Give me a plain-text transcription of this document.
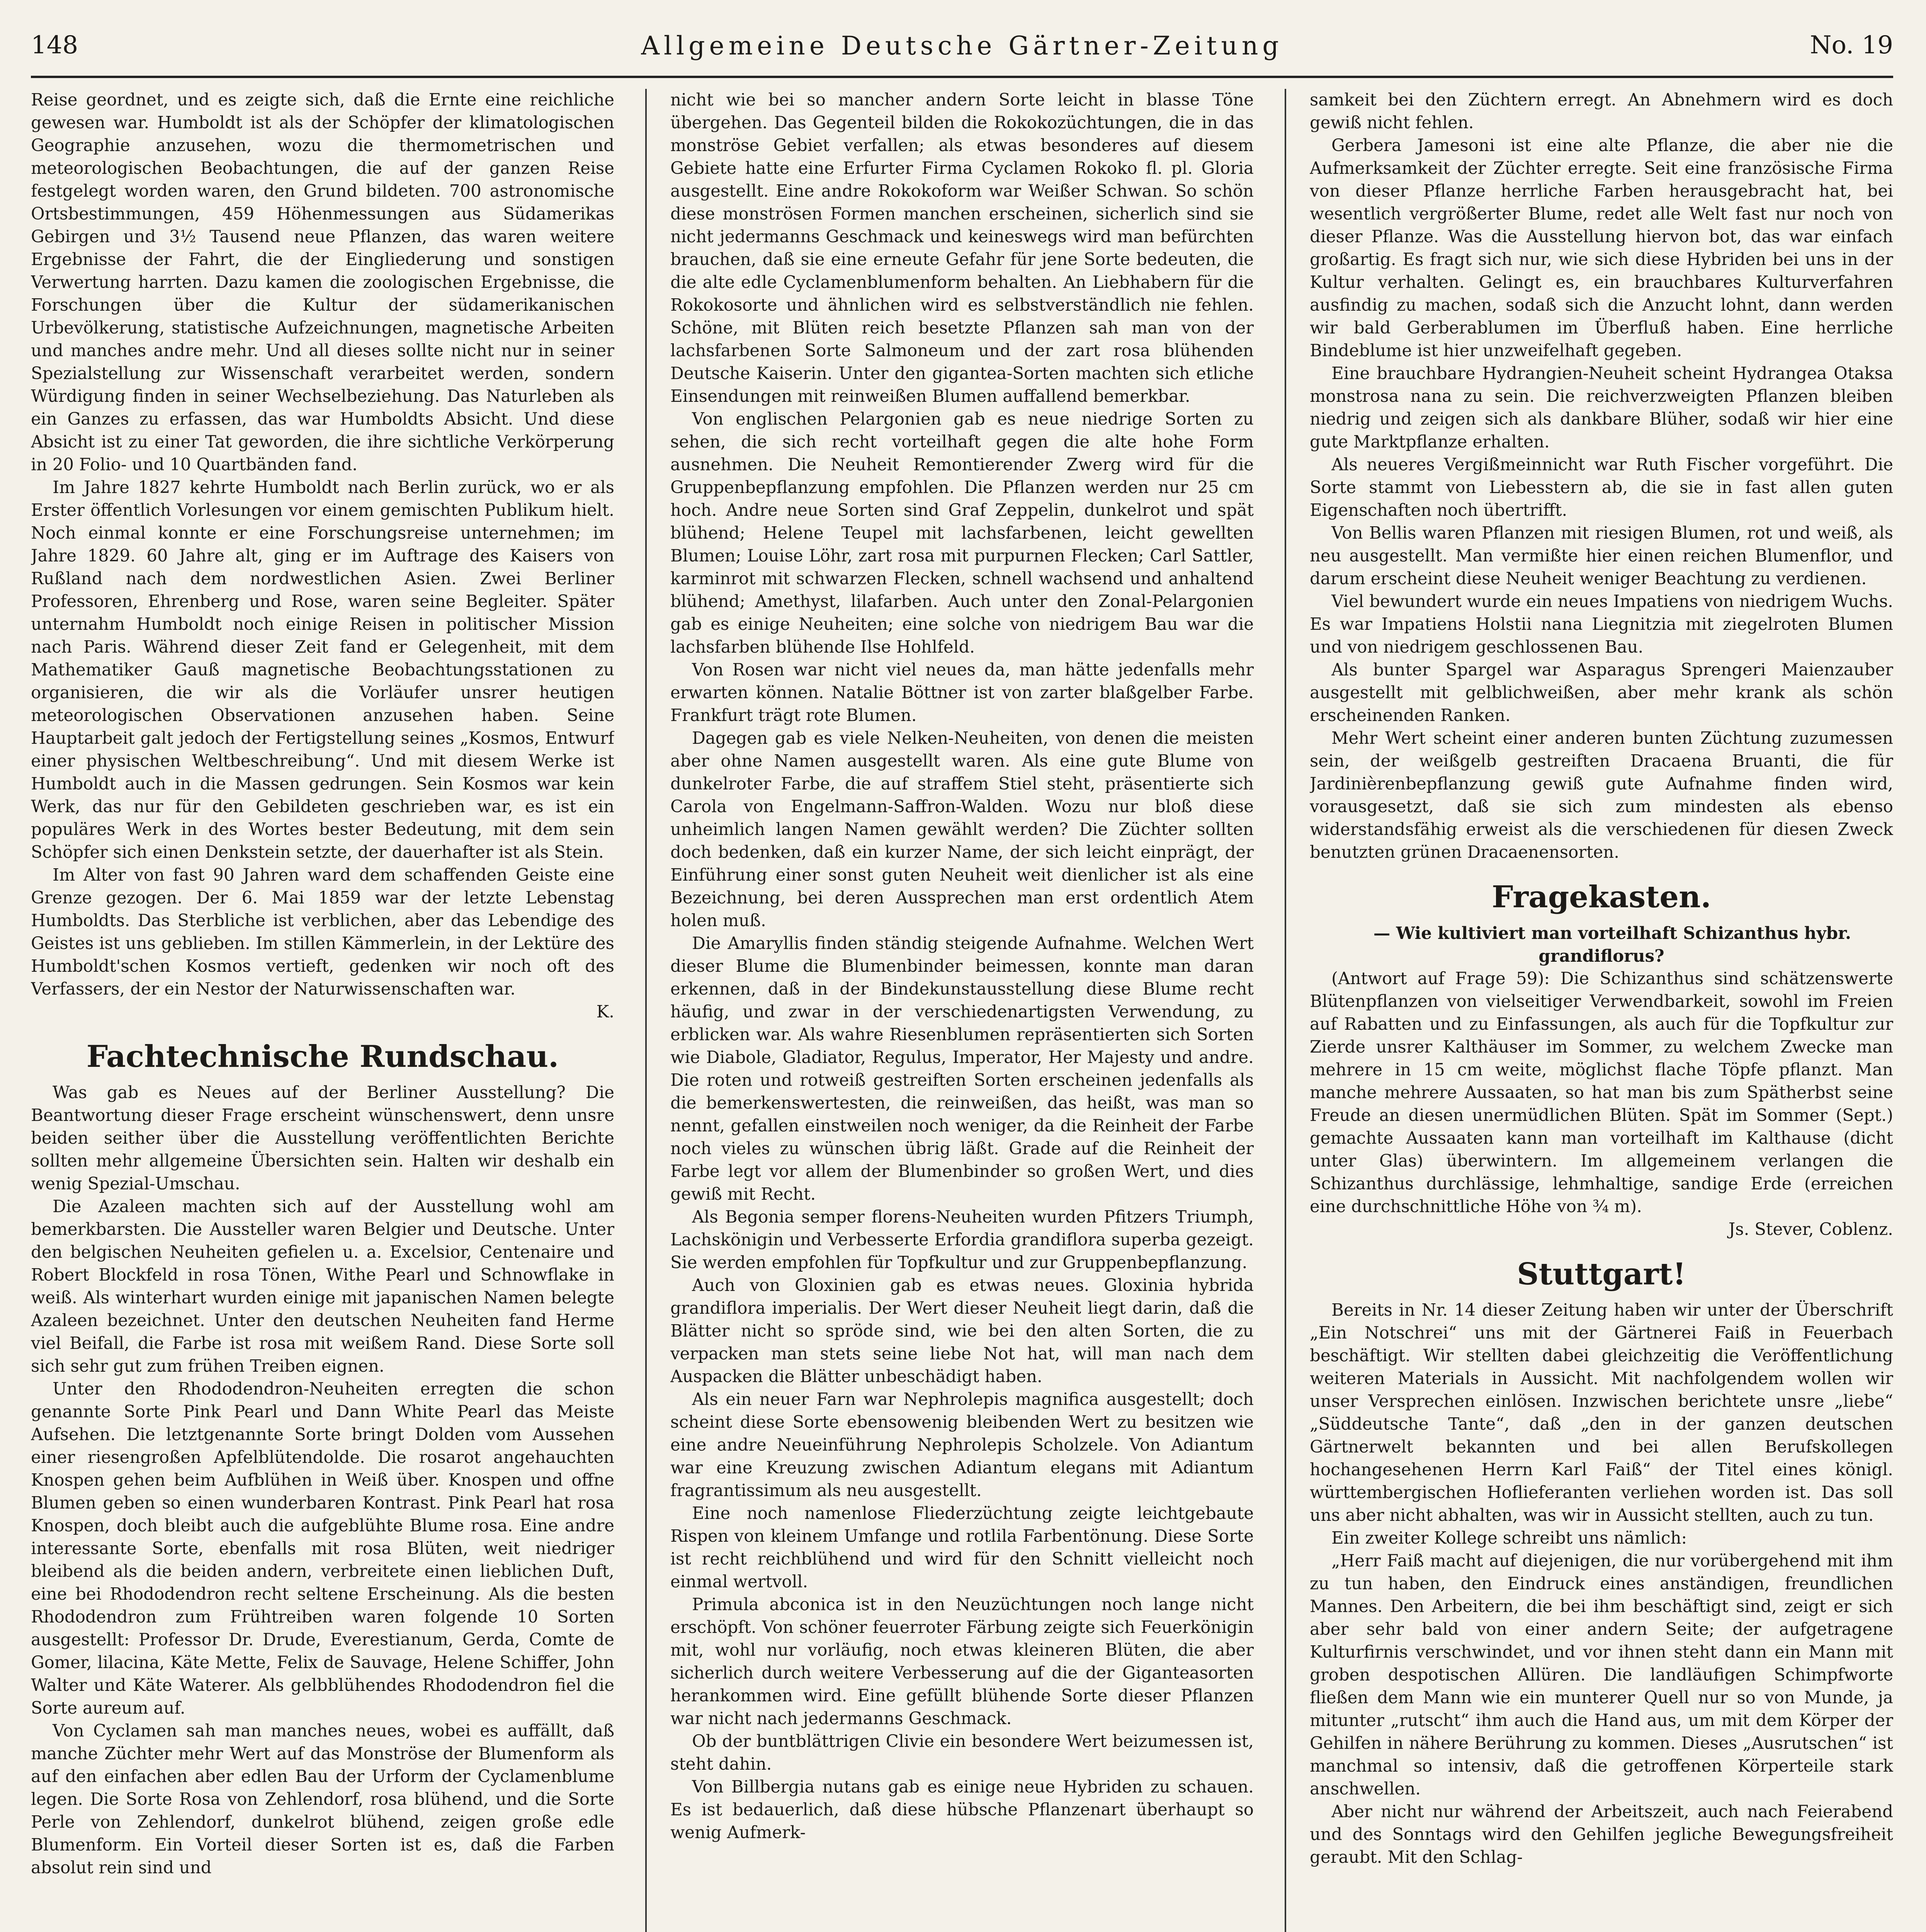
148	Allgemeine Deutsche Gärtner-Zeitung	No. 19

Reise geordnet, und es zeigte sich, daß die Ernte eine reichliche gewesen war. Humboldt ist als der Schöpfer der klimatologischen Geographie anzusehen, wozu die thermometrischen und meteorologischen Beobachtungen, die auf der ganzen Reise festgelegt worden waren, den Grund bildeten. 700 astronomische Ortsbestimmungen, 459 Höhenmessungen aus Südamerikas Gebirgen und 3½ Tausend neue Pflanzen, das waren weitere Ergebnisse der Fahrt, die der Eingliederung und sonstigen Verwertung harrten. Dazu kamen die zoologischen Ergebnisse, die Forschungen über die Kultur der südamerikanischen Urbevölkerung, statistische Aufzeichnungen, magnetische Arbeiten und manches andre mehr. Und all dieses sollte nicht nur in seiner Spezialstellung zur Wissenschaft verarbeitet werden, sondern Würdigung finden in seiner Wechselbeziehung. Das Naturleben als ein Ganzes zu erfassen, das war Humboldts Absicht. Und diese Absicht ist zu einer Tat geworden, die ihre sichtliche Verkörperung in 20 Folio- und 10 Quartbänden fand.

Im Jahre 1827 kehrte Humboldt nach Berlin zurück, wo er als Erster öffentlich Vorlesungen vor einem gemischten Publikum hielt. Noch einmal konnte er eine Forschungsreise unternehmen; im Jahre 1829. 60 Jahre alt, ging er im Auftrage des Kaisers von Rußland nach dem nordwestlichen Asien. Zwei Berliner Professoren, Ehrenberg und Rose, waren seine Begleiter. Später unternahm Humboldt noch einige Reisen in politischer Mission nach Paris. Während dieser Zeit fand er Gelegenheit, mit dem Mathematiker Gauß magnetische Beobachtungsstationen zu organisieren, die wir als die Vorläufer unsrer heutigen meteorologischen Observationen anzusehen haben. Seine Hauptarbeit galt jedoch der Fertigstellung seines „Kosmos, Entwurf einer physischen Weltbeschreibung“. Und mit diesem Werke ist Humboldt auch in die Massen gedrungen. Sein Kosmos war kein Werk, das nur für den Gebildeten geschrieben war, es ist ein populäres Werk in des Wortes bester Bedeutung, mit dem sein Schöpfer sich einen Denkstein setzte, der dauerhafter ist als Stein.

Im Alter von fast 90 Jahren ward dem schaffenden Geiste eine Grenze gezogen. Der 6. Mai 1859 war der letzte Lebenstag Humboldts. Das Sterbliche ist verblichen, aber das Lebendige des Geistes ist uns geblieben. Im stillen Kämmerlein, in der Lektüre des Humboldt'schen Kosmos vertieft, gedenken wir noch oft des Verfassers, der ein Nestor der Naturwissenschaften war.

K.

Fachtechnische Rundschau.

Was gab es Neues auf der Berliner Ausstellung? Die Beantwortung dieser Frage erscheint wünschenswert, denn unsre beiden seither über die Ausstellung veröffentlichten Berichte sollten mehr allgemeine Übersichten sein. Halten wir deshalb ein wenig Spezial-Umschau.

Die Azaleen machten sich auf der Ausstellung wohl am bemerkbarsten. Die Aussteller waren Belgier und Deutsche. Unter den belgischen Neuheiten gefielen u. a. Excelsior, Centenaire und Robert Blockfeld in rosa Tönen, Withe Pearl und Schnowflake in weiß. Als winterhart wurden einige mit japanischen Namen belegte Azaleen bezeichnet. Unter den deutschen Neuheiten fand Herme viel Beifall, die Farbe ist rosa mit weißem Rand. Diese Sorte soll sich sehr gut zum frühen Treiben eignen.

Unter den Rhododendron-Neuheiten erregten die schon genannte Sorte Pink Pearl und Dann White Pearl das Meiste Aufsehen. Die letztgenannte Sorte bringt Dolden vom Aussehen einer riesengroßen Apfelblütendolde. Die rosarot angehauchten Knospen gehen beim Aufblühen in Weiß über. Knospen und offne Blumen geben so einen wunderbaren Kontrast. Pink Pearl hat rosa Knospen, doch bleibt auch die aufgeblühte Blume rosa. Eine andre interessante Sorte, ebenfalls mit rosa Blüten, weit niedriger bleibend als die beiden andern, verbreitete einen lieblichen Duft, eine bei Rhododendron recht seltene Erscheinung. Als die besten Rhododendron zum Frühtreiben waren folgende 10 Sorten ausgestellt: Professor Dr. Drude, Everestianum, Gerda, Comte de Gomer, lilacina, Käte Mette, Felix de Sauvage, Helene Schiffer, John Walter und Käte Waterer. Als gelbblühendes Rhododendron fiel die Sorte aureum auf.

Von Cyclamen sah man manches neues, wobei es auffällt, daß manche Züchter mehr Wert auf das Monströse der Blumenform als auf den einfachen aber edlen Bau der Urform der Cyclamenblume legen. Die Sorte Rosa von Zehlendorf, rosa blühend, und die Sorte Perle von Zehlendorf, dunkelrot blühend, zeigen große edle Blumenform. Ein Vorteil dieser Sorten ist es, daß die Farben absolut rein sind und

nicht wie bei so mancher andern Sorte leicht in blasse Töne übergehen. Das Gegenteil bilden die Rokokozüchtungen, die in das monströse Gebiet verfallen; als etwas besonderes auf diesem Gebiete hatte eine Erfurter Firma Cyclamen Rokoko fl. pl. Gloria ausgestellt. Eine andre Rokokoform war Weißer Schwan. So schön diese monströsen Formen manchen erscheinen, sicherlich sind sie nicht jedermanns Geschmack und keineswegs wird man befürchten brauchen, daß sie eine erneute Gefahr für jene Sorte bedeuten, die die alte edle Cyclamenblumenform behalten. An Liebhabern für die Rokokosorte und ähnlichen wird es selbstverständlich nie fehlen. Schöne, mit Blüten reich besetzte Pflanzen sah man von der lachsfarbenen Sorte Salmoneum und der zart rosa blühenden Deutsche Kaiserin. Unter den gigantea-Sorten machten sich etliche Einsendungen mit reinweißen Blumen auffallend bemerkbar.

Von englischen Pelargonien gab es neue niedrige Sorten zu sehen, die sich recht vorteilhaft gegen die alte hohe Form ausnehmen. Die Neuheit Remontierender Zwerg wird für die Gruppenbepflanzung empfohlen. Die Pflanzen werden nur 25 cm hoch. Andre neue Sorten sind Graf Zeppelin, dunkelrot und spät blühend; Helene Teupel mit lachsfarbenen, leicht gewellten Blumen; Louise Löhr, zart rosa mit purpurnen Flecken; Carl Sattler, karminrot mit schwarzen Flecken, schnell wachsend und anhaltend blühend; Amethyst, lilafarben. Auch unter den Zonal-Pelargonien gab es einige Neuheiten; eine solche von niedrigem Bau war die lachsfarben blühende Ilse Hohlfeld.

Von Rosen war nicht viel neues da, man hätte jedenfalls mehr erwarten können. Natalie Böttner ist von zarter blaßgelber Farbe. Frankfurt trägt rote Blumen.

Dagegen gab es viele Nelken-Neuheiten, von denen die meisten aber ohne Namen ausgestellt waren. Als eine gute Blume von dunkelroter Farbe, die auf straffem Stiel steht, präsentierte sich Carola von Engelmann-Saffron-Walden. Wozu nur bloß diese unheimlich langen Namen gewählt werden? Die Züchter sollten doch bedenken, daß ein kurzer Name, der sich leicht einprägt, der Einführung einer sonst guten Neuheit weit dienlicher ist als eine Bezeichnung, bei deren Aussprechen man erst ordentlich Atem holen muß.

Die Amaryllis finden ständig steigende Aufnahme. Welchen Wert dieser Blume die Blumenbinder beimessen, konnte man daran erkennen, daß in der Bindekunstausstellung diese Blume recht häufig, und zwar in der verschiedenartigsten Verwendung, zu erblicken war. Als wahre Riesenblumen repräsentierten sich Sorten wie Diabole, Gladiator, Regulus, Imperator, Her Majesty und andre. Die roten und rotweiß gestreiften Sorten erscheinen jedenfalls als die bemerkenswertesten, die reinweißen, das heißt, was man so nennt, gefallen einstweilen noch weniger, da die Reinheit der Farbe noch vieles zu wünschen übrig läßt. Grade auf die Reinheit der Farbe legt vor allem der Blumenbinder so großen Wert, und dies gewiß mit Recht.

Als Begonia semper florens-Neuheiten wurden Pfitzers Triumph, Lachskönigin und Verbesserte Erfordia grandiflora superba gezeigt. Sie werden empfohlen für Topfkultur und zur Gruppenbepflanzung.

Auch von Gloxinien gab es etwas neues. Gloxinia hybrida grandiflora imperialis. Der Wert dieser Neuheit liegt darin, daß die Blätter nicht so spröde sind, wie bei den alten Sorten, die zu verpacken man stets seine liebe Not hat, will man nach dem Auspacken die Blätter unbeschädigt haben.

Als ein neuer Farn war Nephrolepis magnifica ausgestellt; doch scheint diese Sorte ebensowenig bleibenden Wert zu besitzen wie eine andre Neueinführung Nephrolepis Scholzele. Von Adiantum war eine Kreuzung zwischen Adiantum elegans mit Adiantum fragrantissimum als neu ausgestellt.

Eine noch namenlose Fliederzüchtung zeigte leichtgebaute Rispen von kleinem Umfange und rotlila Farbentönung. Diese Sorte ist recht reichblühend und wird für den Schnitt vielleicht noch einmal wertvoll.

Primula abconica ist in den Neuzüchtungen noch lange nicht erschöpft. Von schöner feuerroter Färbung zeigte sich Feuerkönigin mit, wohl nur vorläufig, noch etwas kleineren Blüten, die aber sicherlich durch weitere Verbesserung auf die der Giganteasorten herankommen wird. Eine gefüllt blühende Sorte dieser Pflanzen war nicht nach jedermanns Geschmack.

Ob der buntblättrigen Clivie ein besondere Wert beizumessen ist, steht dahin.

Von Billbergia nutans gab es einige neue Hybriden zu schauen. Es ist bedauerlich, daß diese hübsche Pflanzenart überhaupt so wenig Aufmerk-

samkeit bei den Züchtern erregt. An Abnehmern wird es doch gewiß nicht fehlen.

Gerbera Jamesoni ist eine alte Pflanze, die aber nie die Aufmerksamkeit der Züchter erregte. Seit eine französische Firma von dieser Pflanze herrliche Farben herausgebracht hat, bei wesentlich vergrößerter Blume, redet alle Welt fast nur noch von dieser Pflanze. Was die Ausstellung hiervon bot, das war einfach großartig. Es fragt sich nur, wie sich diese Hybriden bei uns in der Kultur verhalten. Gelingt es, ein brauchbares Kulturverfahren ausfindig zu machen, sodaß sich die Anzucht lohnt, dann werden wir bald Gerberablumen im Überfluß haben. Eine herrliche Bindeblume ist hier unzweifelhaft gegeben.

Eine brauchbare Hydrangien-Neuheit scheint Hydrangea Otaksa monstrosa nana zu sein. Die reichverzweigten Pflanzen bleiben niedrig und zeigen sich als dankbare Blüher, sodaß wir hier eine gute Marktpflanze erhalten.

Als neueres Vergißmeinnicht war Ruth Fischer vorgeführt. Die Sorte stammt von Liebesstern ab, die sie in fast allen guten Eigenschaften noch übertrifft.

Von Bellis waren Pflanzen mit riesigen Blumen, rot und weiß, als neu ausgestellt. Man vermißte hier einen reichen Blumenflor, und darum erscheint diese Neuheit weniger Beachtung zu verdienen.

Viel bewundert wurde ein neues Impatiens von niedrigem Wuchs. Es war Impatiens Holstii nana Liegnitzia mit ziegelroten Blumen und von niedrigem geschlossenen Bau.

Als bunter Spargel war Asparagus Sprengeri Maienzauber ausgestellt mit gelblichweißen, aber mehr krank als schön erscheinenden Ranken.

Mehr Wert scheint einer anderen bunten Züchtung zuzumessen sein, der weißgelb gestreiften Dracaena Bruanti, die für Jardinièrenbepflanzung gewiß gute Aufnahme finden wird, vorausgesetzt, daß sie sich zum mindesten als ebenso widerstandsfähig erweist als die verschiedenen für diesen Zweck benutzten grünen Dracaenensorten.

Fragekasten.

— Wie kultiviert man vorteilhaft Schizanthus hybr. grandiflorus?

(Antwort auf Frage 59): Die Schizanthus sind schätzenswerte Blütenpflanzen von vielseitiger Verwendbarkeit, sowohl im Freien auf Rabatten und zu Einfassungen, als auch für die Topfkultur zur Zierde unsrer Kalthäuser im Sommer, zu welchem Zwecke man mehrere in 15 cm weite, möglichst flache Töpfe pflanzt. Man manche mehrere Aussaaten, so hat man bis zum Spätherbst seine Freude an diesen unermüdlichen Blüten. Spät im Sommer (Sept.) gemachte Aussaaten kann man vorteilhaft im Kalthause (dicht unter Glas) überwintern. Im allgemeinem verlangen die Schizanthus durchlässige, lehmhaltige, sandige Erde (erreichen eine durchschnittliche Höhe von ¾ m).

Js. Stever, Coblenz.

Stuttgart!

Bereits in Nr. 14 dieser Zeitung haben wir unter der Überschrift „Ein Notschrei“ uns mit der Gärtnerei Faiß in Feuerbach beschäftigt. Wir stellten dabei gleichzeitig die Veröffentlichung weiteren Materials in Aussicht. Mit nachfolgendem wollen wir unser Versprechen einlösen. Inzwischen berichtete unsre „liebe“ „Süddeutsche Tante“, daß „den in der ganzen deutschen Gärtnerwelt bekannten und bei allen Berufskollegen hochangesehenen Herrn Karl Faiß“ der Titel eines königl. württembergischen Hoflieferanten verliehen worden ist. Das soll uns aber nicht abhalten, was wir in Aussicht stellten, auch zu tun.

Ein zweiter Kollege schreibt uns nämlich:

„Herr Faiß macht auf diejenigen, die nur vorübergehend mit ihm zu tun haben, den Eindruck eines anständigen, freundlichen Mannes. Den Arbeitern, die bei ihm beschäftigt sind, zeigt er sich aber sehr bald von einer andern Seite; der aufgetragene Kulturfirnis verschwindet, und vor ihnen steht dann ein Mann mit groben despotischen Allüren. Die landläufigen Schimpfworte fließen dem Mann wie ein munterer Quell nur so von Munde, ja mitunter „rutscht“ ihm auch die Hand aus, um mit dem Körper der Gehilfen in nähere Berührung zu kommen. Dieses „Ausrutschen“ ist manchmal so intensiv, daß die getroffenen Körperteile stark anschwellen.

Aber nicht nur während der Arbeitszeit, auch nach Feierabend und des Sonntags wird den Gehilfen jegliche Bewegungsfreiheit geraubt. Mit den Schlag-
